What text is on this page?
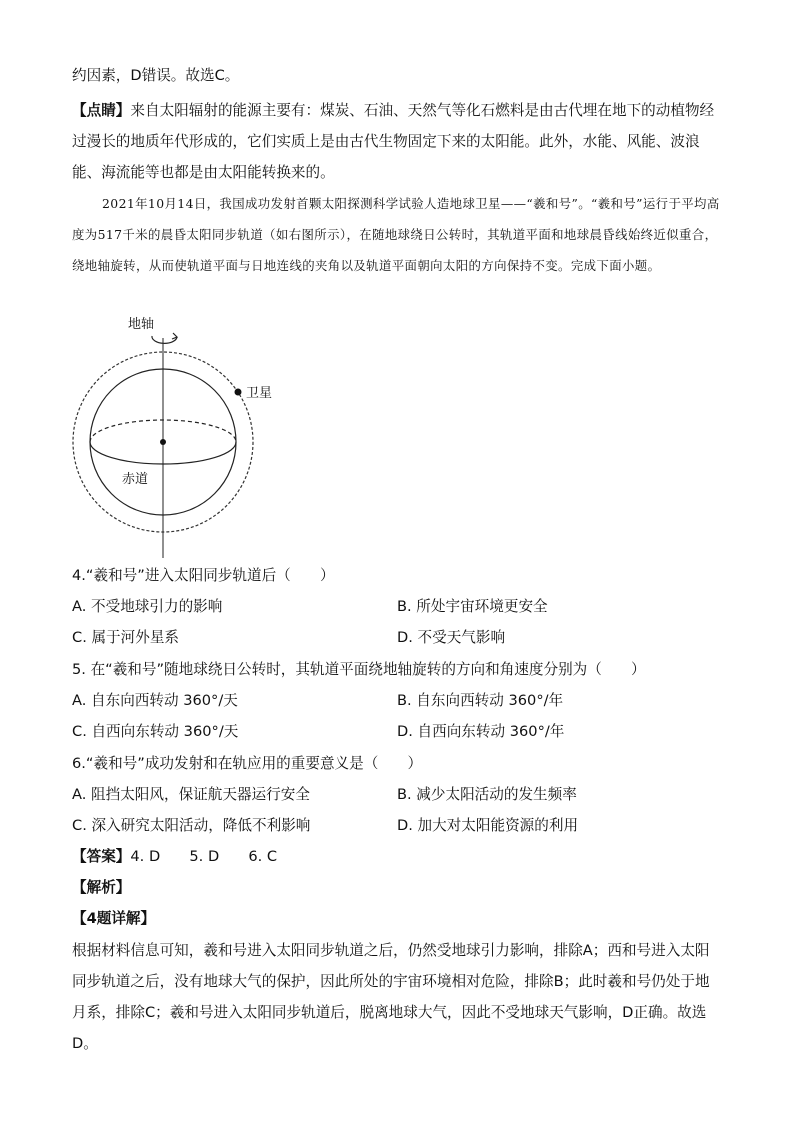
约因素，D错误。故选C。
【点睛】来自太阳辐射的能源主要有：煤炭、石油、天然气等化石燃料是由古代埋在地下的动植物经过漫长的地质年代形成的，它们实质上是由古代生物固定下来的太阳能。此外，水能、风能、波浪能、海流能等也都是由太阳能转换来的。
2021年10月14日，我国成功发射首颗太阳探测科学试验人造地球卫星——“羲和号”。“羲和号”运行于平均高度为517千米的晨昏太阳同步轨道（如右图所示），在随地球绕日公转时，其轨道平面和地球晨昏线始终近似重合，绕地轴旋转，从而使轨道平面与日地连线的夹角以及轨道平面朝向太阳的方向保持不变。完成下面小题。
地轴
卫星
赤道
4.“羲和号”进入太阳同步轨道后（　　）
A. 不受地球引力的影响	B. 所处宇宙环境更安全
C. 属于河外星系	D. 不受天气影响
5. 在“羲和号”随地球绕日公转时，其轨道平面绕地轴旋转的方向和角速度分别为（　　）
A. 自东向西转动 360°/天	B. 自东向西转动 360°/年
C. 自西向东转动 360°/天	D. 自西向东转动 360°/年
6.“羲和号”成功发射和在轨应用的重要意义是（　　）
A. 阻挡太阳风，保证航天器运行安全	B. 减少太阳活动的发生频率
C. 深入研究太阳活动，降低不利影响	D. 加大对太阳能资源的利用
【答案】4. D　　5. D　　6. C
【解析】
【4题详解】
根据材料信息可知，羲和号进入太阳同步轨道之后，仍然受地球引力影响，排除A；西和号进入太阳同步轨道之后，没有地球大气的保护，因此所处的宇宙环境相对危险，排除B；此时羲和号仍处于地月系，排除C；羲和号进入太阳同步轨道后，脱离地球大气，因此不受地球天气影响，D正确。故选D。
